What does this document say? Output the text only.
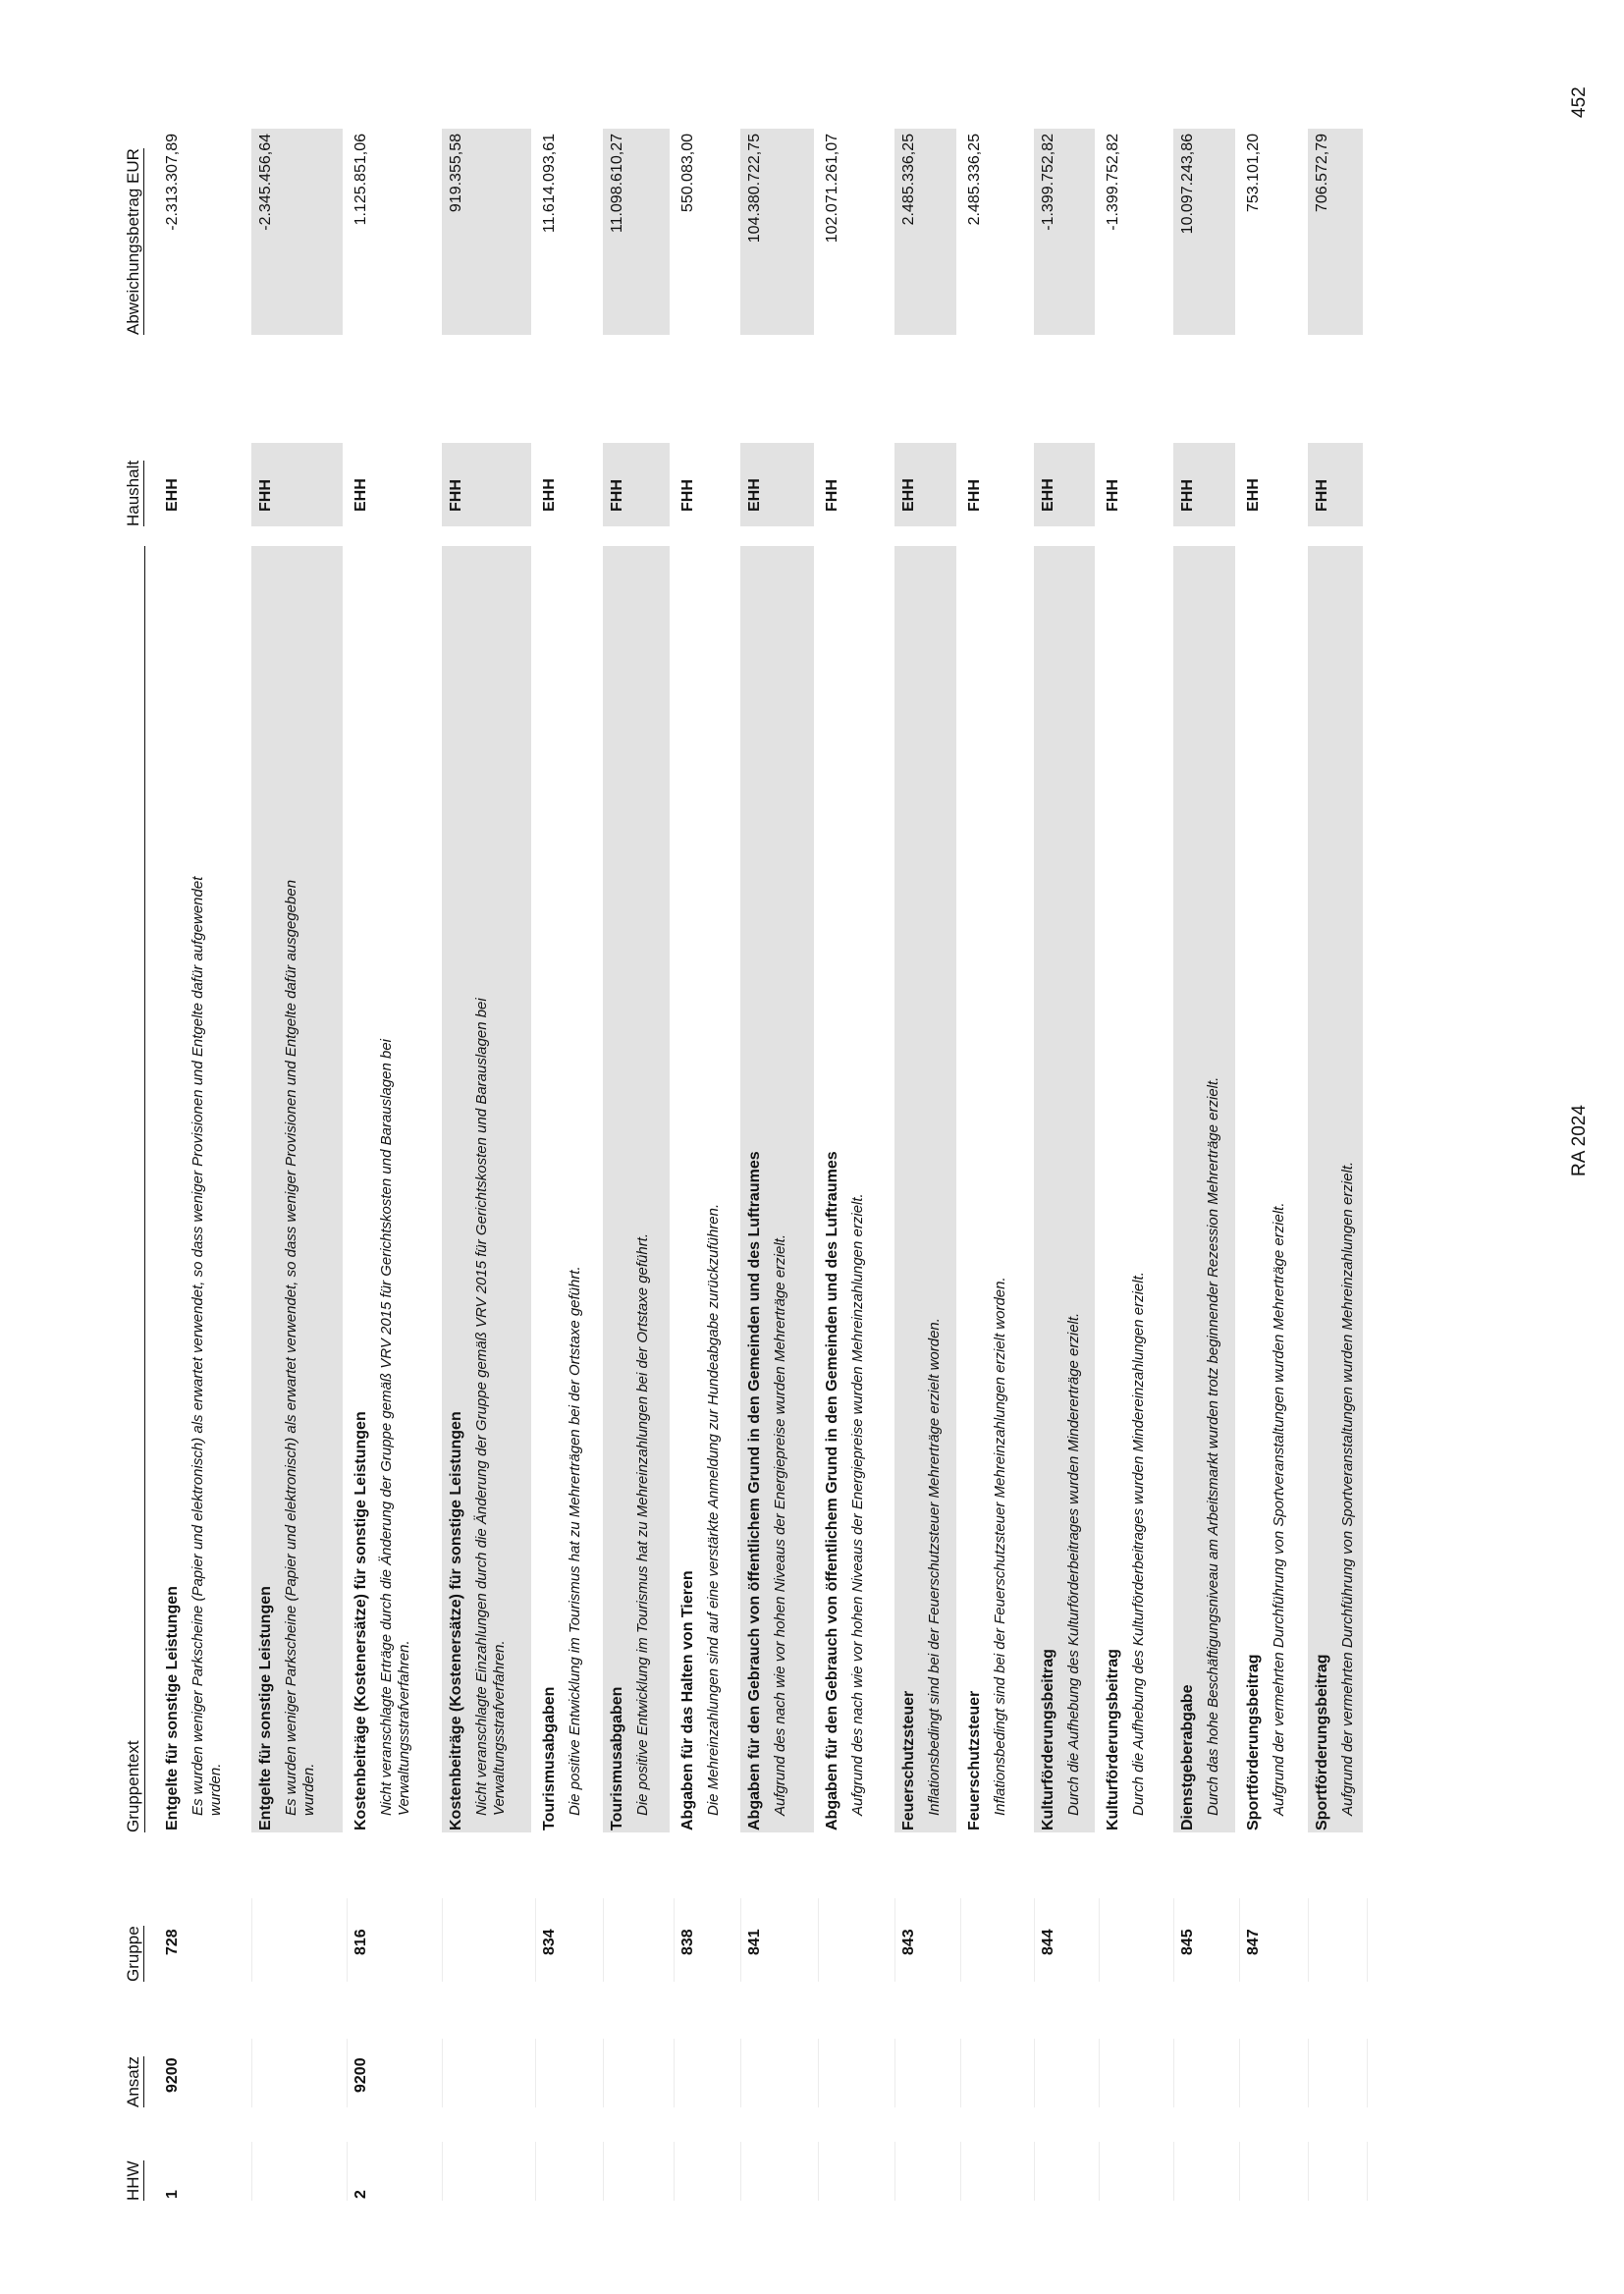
HHW
Ansatz
Gruppe
Gruppentext
Haushalt
Abweichungsbetrag EUR
1
9200
728
Entgelte für sonstige Leistungen Es wurden weniger Parkscheine (Papier und elektronisch) als erwartet verwendet, so dass weniger Provisionen und Entgelte dafür aufgewendet wurden.
EHH
-2.313.307,89
Entgelte für sonstige Leistungen Es wurden weniger Parkscheine (Papier und elektronisch) als erwartet verwendet, so dass weniger Provisionen und Entgelte dafür ausgegeben wurden.
FHH
-2.345.456,64
2
9200
816
Kostenbeiträge (Kostenersätze) für sonstige Leistungen Nicht veranschlagte Erträge durch die Änderung der Gruppe gemäß VRV 2015 für Gerichtskosten und Barauslagen bei Verwaltungsstrafverfahren.
EHH
1.125.851,06
Kostenbeiträge (Kostenersätze) für sonstige Leistungen Nicht veranschlagte Einzahlungen durch die Änderung der Gruppe gemäß VRV 2015 für Gerichtskosten und Barauslagen bei Verwaltungsstrafverfahren.
FHH
919.355,58
834
Tourismusabgaben Die positive Entwicklung im Tourismus hat zu Mehrerträgen bei der Ortstaxe geführt.
EHH
11.614.093,61
Tourismusabgaben Die positive Entwicklung im Tourismus hat zu Mehreinzahlungen bei der Ortstaxe geführt.
FHH
11.098.610,27
838
Abgaben für das Halten von Tieren Die Mehreinzahlungen sind auf eine verstärkte Anmeldung zur Hundeabgabe zurückzuführen.
FHH
550.083,00
841
Abgaben für den Gebrauch von öffentlichem Grund in den Gemeinden und des Luftraumes Aufgrund des nach wie vor hohen Niveaus der Energiepreise wurden Mehrerträge erzielt.
EHH
104.380.722,75
Abgaben für den Gebrauch von öffentlichem Grund in den Gemeinden und des Luftraumes Aufgrund des nach wie vor hohen Niveaus der Energiepreise wurden Mehreinzahlungen erzielt.
FHH
102.071.261,07
843
Feuerschutzsteuer Inflationsbedingt sind bei der Feuerschutzsteuer Mehrerträge erzielt worden.
EHH
2.485.336,25
Feuerschutzsteuer Inflationsbedingt sind bei der Feuerschutzsteuer Mehreinzahlungen erzielt worden.
FHH
2.485.336,25
844
Kulturförderungsbeitrag Durch die Aufhebung des Kulturförderbeitrages wurden Mindererträge erzielt.
EHH
-1.399.752,82
Kulturförderungsbeitrag Durch die Aufhebung des Kulturförderbeitrages wurden Mindereinzahlungen erzielt.
FHH
-1.399.752,82
845
Dienstgeberabgabe Durch das hohe Beschäftigungsniveau am Arbeitsmarkt wurden trotz beginnender Rezession Mehrerträge erzielt.
FHH
10.097.243,86
847
Sportförderungsbeitrag Aufgrund der vermehrten Durchführung von Sportveranstaltungen wurden Mehrerträge erzielt.
EHH
753.101,20
Sportförderungsbeitrag Aufgrund der vermehrten Durchführung von Sportveranstaltungen wurden Mehreinzahlungen erzielt.
FHH
706.572,79
RA 2024
452
